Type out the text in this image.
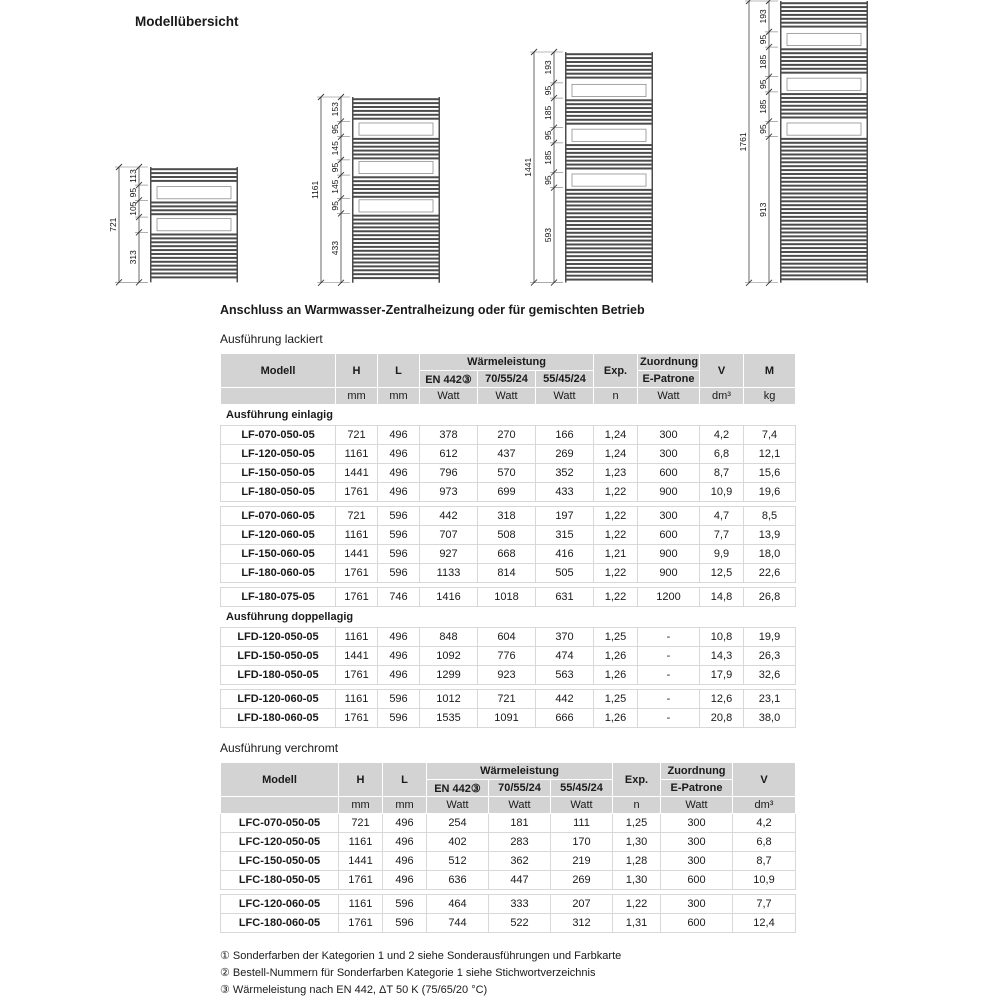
Modellübersicht
113
95
105
313
721
153
95
145
95
145
95
433
1161
193
95
185
95
185
95
593
1441
193
95
185
95
185
95
913
1761
Anschluss an Warmwasser-Zentralheizung oder für gemischten Betrieb
Ausführung lackiert
Modell	H	L	Wärmeleistung			Exp.	Zuordnung	V	M
			EN 442③	70/55/24	55/45/24		E-Patrone		
	mm	mm	Watt	Watt	Watt	n	Watt	dm³	kg
Ausführung einlagig									
LF-070-050-05	721	496	378	270	166	1,24	300	4,2	7,4
LF-120-050-05	1161	496	612	437	269	1,24	300	6,8	12,1
LF-150-050-05	1441	496	796	570	352	1,23	600	8,7	15,6
LF-180-050-05	1761	496	973	699	433	1,22	900	10,9	19,6

LF-070-060-05	721	596	442	318	197	1,22	300	4,7	8,5
LF-120-060-05	1161	596	707	508	315	1,22	600	7,7	13,9
LF-150-060-05	1441	596	927	668	416	1,21	900	9,9	18,0
LF-180-060-05	1761	596	1133	814	505	1,22	900	12,5	22,6

LF-180-075-05	1761	746	1416	1018	631	1,22	1200	14,8	26,8
Ausführung doppellagig									
LFD-120-050-05	1161	496	848	604	370	1,25	-	10,8	19,9
LFD-150-050-05	1441	496	1092	776	474	1,26	-	14,3	26,3
LFD-180-050-05	1761	496	1299	923	563	1,26	-	17,9	32,6

LFD-120-060-05	1161	596	1012	721	442	1,25	-	12,6	23,1
LFD-180-060-05	1761	596	1535	1091	666	1,26	-	20,8	38,0
Ausführung verchromt
Modell	H	L	Wärmeleistung			Exp.	Zuordnung	V
			EN 442③	70/55/24	55/45/24		E-Patrone	
	mm	mm	Watt	Watt	Watt	n	Watt	dm³
LFC-070-050-05	721	496	254	181	111	1,25	300	4,2
LFC-120-050-05	1161	496	402	283	170	1,30	300	6,8
LFC-150-050-05	1441	496	512	362	219	1,28	300	8,7
LFC-180-050-05	1761	496	636	447	269	1,30	600	10,9

LFC-120-060-05	1161	596	464	333	207	1,22	300	7,7
LFC-180-060-05	1761	596	744	522	312	1,31	600	12,4
① Sonderfarben der Kategorien 1 und 2 siehe Sonderausführungen und Farbkarte
② Bestell-Nummern für Sonderfarben Kategorie 1 siehe Stichwortverzeichnis
③ Wärmeleistung nach EN 442, ΔT 50 K (75/65/20 °C)
